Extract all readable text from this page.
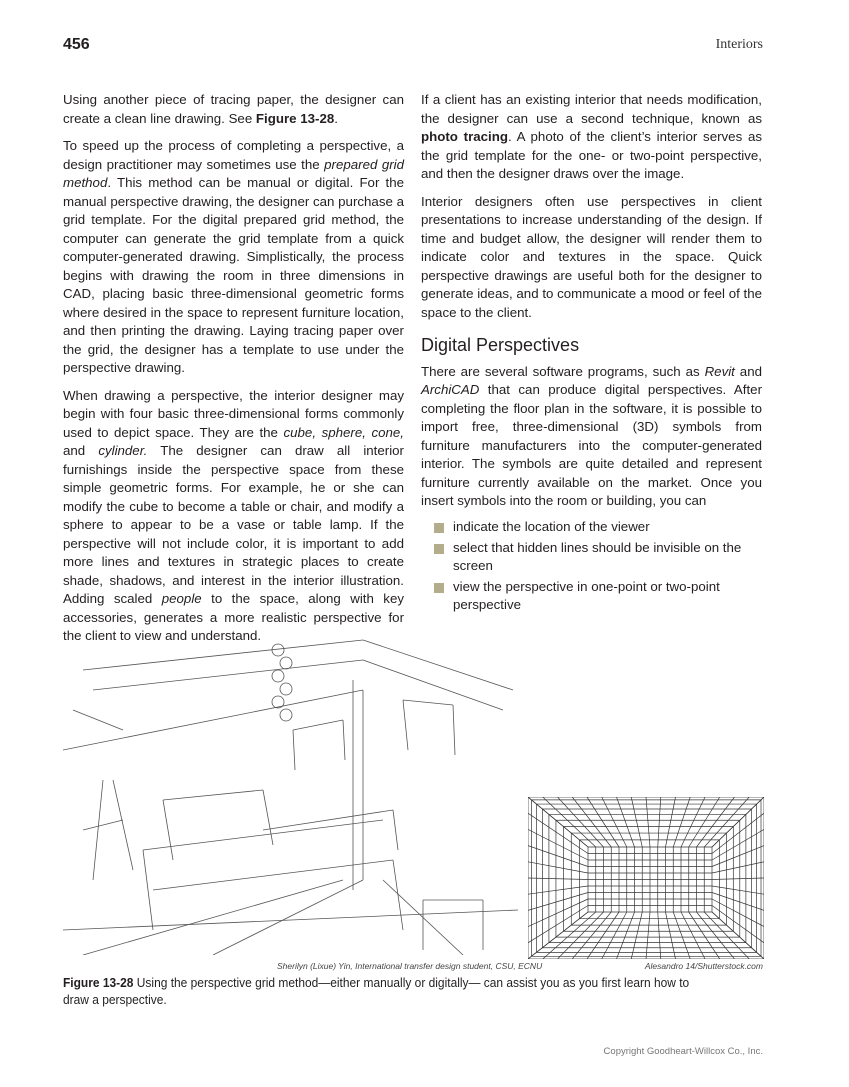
456	Interiors

Using another piece of tracing paper, the designer can create a clean line drawing. See Figure 13-28.

To speed up the process of completing a perspective, a design practitioner may sometimes use the prepared grid method. This method can be manual or digital. For the manual perspective drawing, the designer can purchase a grid template. For the digital prepared grid method, the computer can generate the grid template from a quick computer-generated drawing. Simplistically, the process begins with drawing the room in three dimensions in CAD, placing basic three-dimensional geometric forms where desired in the space to represent furniture location, and then printing the drawing. Laying tracing paper over the grid, the designer has a template to use under the perspective drawing.

When drawing a perspective, the interior designer may begin with four basic three-dimensional forms commonly used to depict space. They are the cube, sphere, cone, and cylinder. The designer can draw all interior furnishings inside the perspective space from these simple geometric forms. For example, he or she can modify the cube to become a table or chair, and modify a sphere to appear to be a vase or table lamp. If the perspective will not include color, it is important to add more lines and textures in strategic places to create shade, shadows, and interest in the interior illustration. Adding scaled people to the space, along with key accessories, generates a more realistic perspective for the client to view and understand.

If a client has an existing interior that needs modification, the designer can use a second technique, known as photo tracing. A photo of the client’s interior serves as the grid template for the one- or two-point perspective, and then the designer draws over the image.

Interior designers often use perspectives in client presentations to increase understanding of the design. If time and budget allow, the designer will render them to indicate color and textures in the space. Quick perspective drawings are useful both for the designer to generate ideas, and to communicate a mood or feel of the space to the client.

Digital Perspectives

There are several software programs, such as Revit and ArchiCAD that can produce digital perspectives. After completing the floor plan in the software, it is possible to import free, three-dimensional (3D) symbols from furniture manufacturers into the computer-generated interior. The symbols are quite detailed and represent furniture currently available on the market. Once you insert symbols into the room or building, you can

indicate the location of the viewer
select that hidden lines should be invisible on the screen
view the perspective in one-point or two-point perspective
Sherilyn (Lixue) Yin, International transfer design student, CSU, ECNU	Alesandro 14/Shutterstock.com
Figure 13-28 Using the perspective grid method—either manually or digitally— can assist you as you first learn how to draw a perspective.
Copyright Goodheart-Willcox Co., Inc.
